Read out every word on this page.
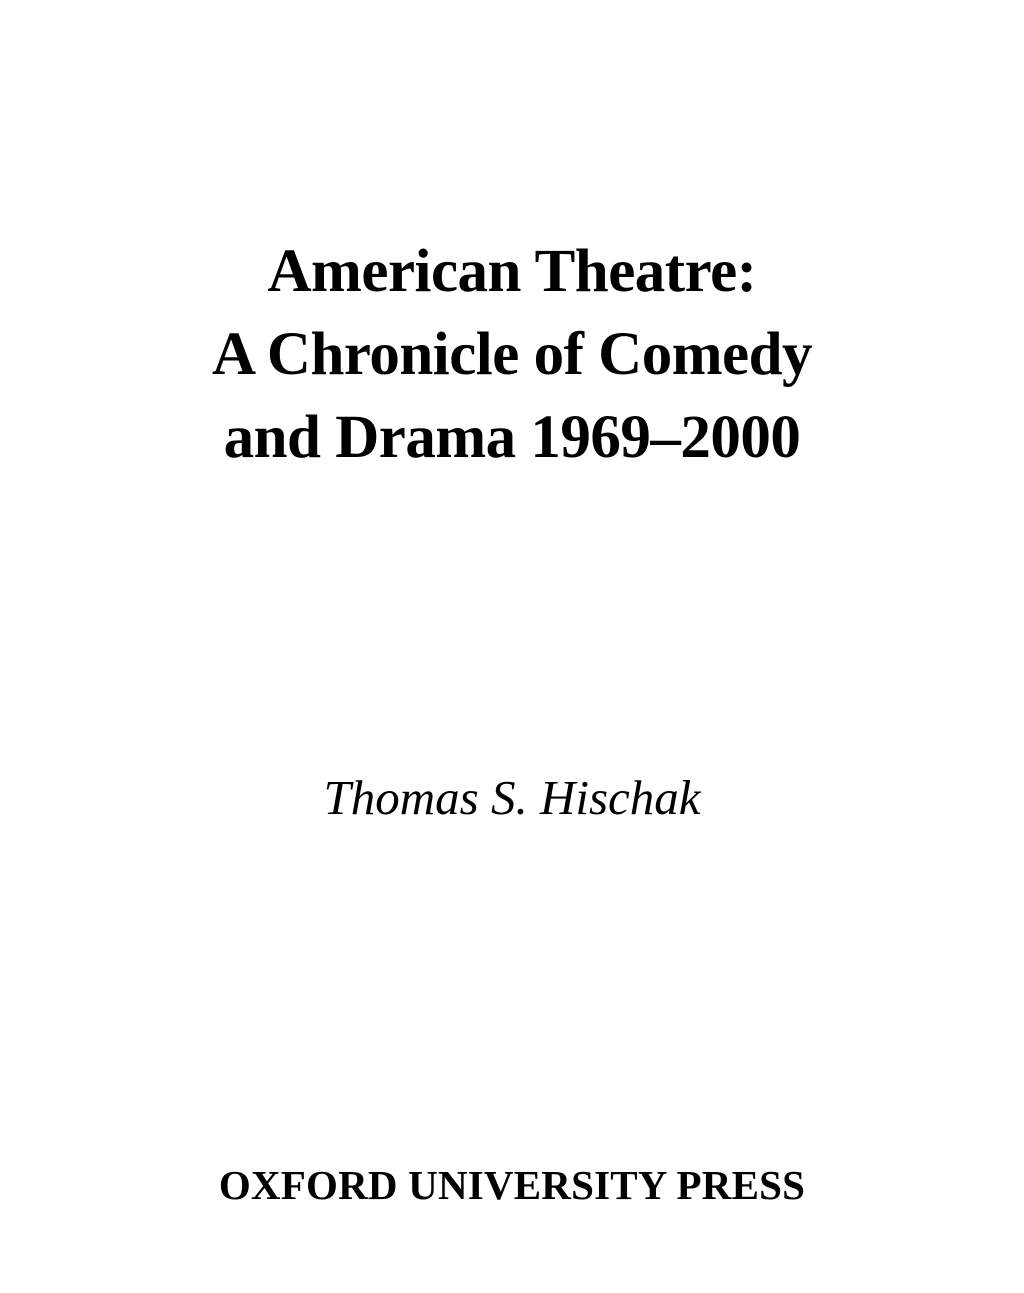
American Theatre:
A Chronicle of Comedy
and Drama 1969–2000
Thomas S. Hischak
OXFORD UNIVERSITY PRESS
